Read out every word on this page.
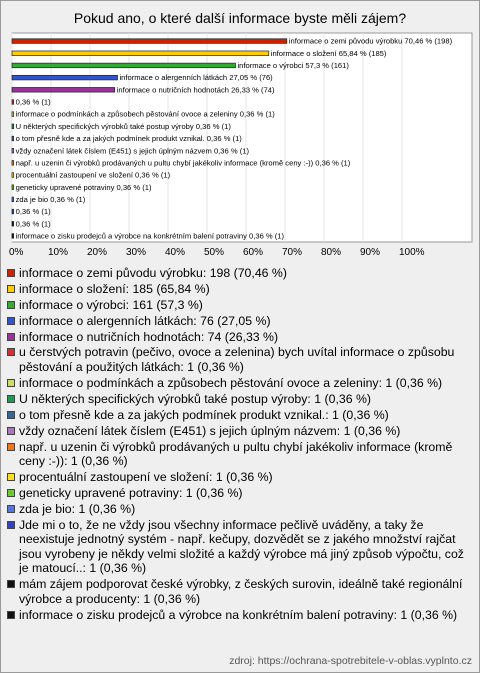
Pokud ano, o které další informace byste měli zájem?
informace o zemi původu výrobku 70,46 % (198)
informace o složení 65,84 % (185)
informace o výrobci 57,3 % (161)
informace o alergenních látkách 27,05 % (76)
informace o nutričních hodnotách 26,33 % (74)
0,36 % (1)
informace o podmínkách a způsobech pěstování ovoce a zeleniny 0,36 % (1)
U některých specifických výrobků také postup výroby 0,36 % (1)
o tom přesně kde a za jakých podmínek produkt vznikal. 0,36 % (1)
vždy označení látek číslem (E451) s jejich úplným názvem 0,36 % (1)
např. u uzenin či výrobků prodávaných u pultu chybí jakékoliv informace (kromě ceny :-)) 0,36 % (1)
procentuální zastoupení ve složení 0,36 % (1)
geneticky upravené potraviny 0,36 % (1)
zda je bio 0,36 % (1)
0,36 % (1)
0,36 % (1)
informace o zisku prodejců a výrobce na konkrétním balení potraviny 0,36 % (1)
0% 10% 20% 30% 40% 50% 60% 70% 80% 90% 100%
informace o zemi původu výrobku: 198 (70,46 %)
informace o složení: 185 (65,84 %)
informace o výrobci: 161 (57,3 %)
informace o alergenních látkách: 76 (27,05 %)
informace o nutričních hodnotách: 74 (26,33 %)
u čerstvých potravin (pečivo, ovoce a zelenina) bych uvítal informace o způsobu pěstování a použitých látkách: 1 (0,36 %)
informace o podmínkách a způsobech pěstování ovoce a zeleniny: 1 (0,36 %)
U některých specifických výrobků také postup výroby: 1 (0,36 %)
o tom přesně kde a za jakých podmínek produkt vznikal.: 1 (0,36 %)
vždy označení látek číslem (E451) s jejich úplným názvem: 1 (0,36 %)
např. u uzenin či výrobků prodávaných u pultu chybí jakékoliv informace (kromě ceny :-)): 1 (0,36 %)
procentuální zastoupení ve složení: 1 (0,36 %)
geneticky upravené potraviny: 1 (0,36 %)
zda je bio: 1 (0,36 %)
Jde mi o to, že ne vždy jsou všechny informace pečlivě uváděny, a taky že neexistuje jednotný systém - např. kečupy, dozvědět se z jakého množství rajčat jsou vyrobeny je někdy velmi složité a každý výrobce má jiný způsob výpočtu, což je matoucí..: 1 (0,36 %)
mám zájem podporovat české výrobky, z českých surovin, ideálně také regionální výrobce a producenty: 1 (0,36 %)
informace o zisku prodejců a výrobce na konkrétním balení potraviny: 1 (0,36 %)
zdroj: https://ochrana-spotrebitele-v-oblas.vyplnto.cz
